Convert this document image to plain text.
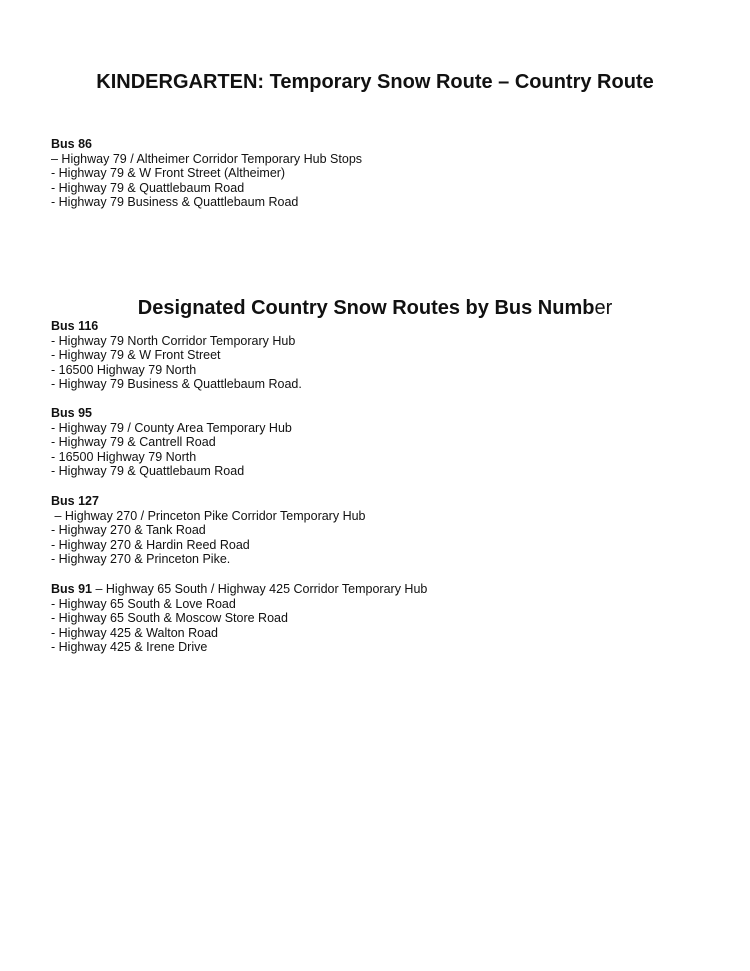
KINDERGARTEN: Temporary Snow Route – Country Route
Bus 86
– Highway 79 / Altheimer Corridor Temporary Hub Stops
- Highway 79 & W Front Street (Altheimer)
- Highway 79 & Quattlebaum Road
- Highway 79 Business & Quattlebaum Road
Designated Country Snow Routes by Bus Number
Bus 116
- Highway 79 North Corridor Temporary Hub
- Highway 79 & W Front Street
- 16500 Highway 79 North
- Highway 79 Business & Quattlebaum Road.
Bus 95
- Highway 79 / County Area Temporary Hub
- Highway 79 & Cantrell Road
- 16500 Highway 79 North
- Highway 79 & Quattlebaum Road
Bus 127
– Highway 270 / Princeton Pike Corridor Temporary Hub
- Highway 270 & Tank Road
- Highway 270 & Hardin Reed Road
- Highway 270 & Princeton Pike.
Bus 91 – Highway 65 South / Highway 425 Corridor Temporary Hub
- Highway 65 South & Love Road
- Highway 65 South & Moscow Store Road
- Highway 425 & Walton Road
- Highway 425 & Irene Drive
